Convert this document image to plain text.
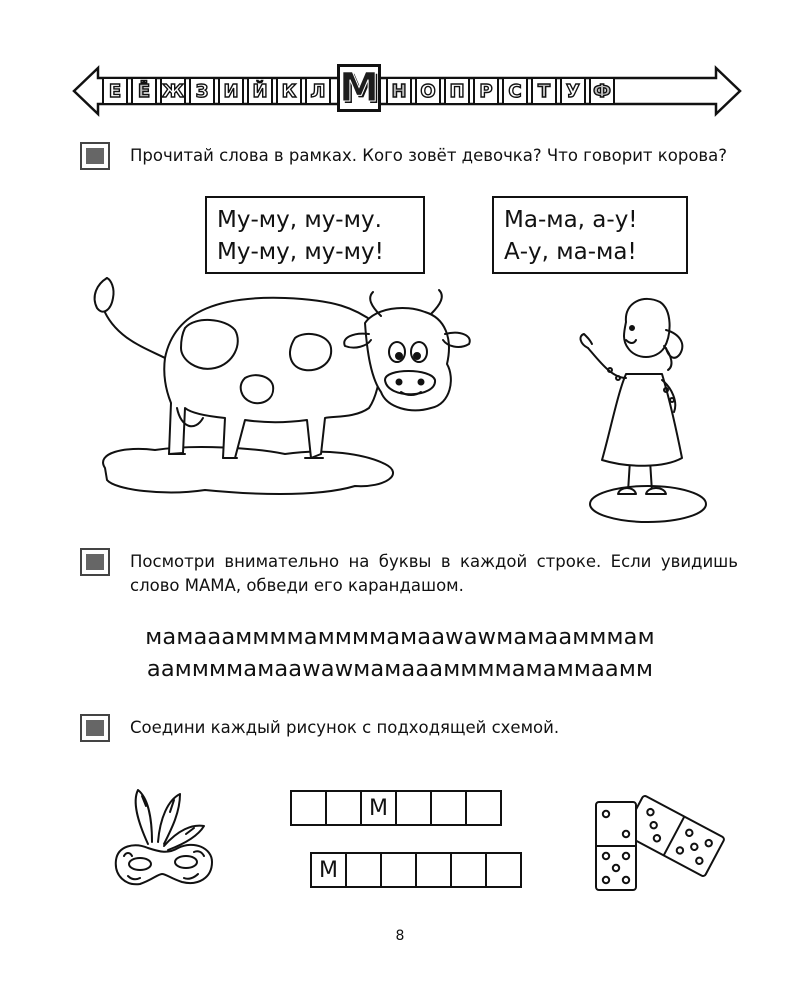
Е Ё Ж З И Й К Л М Н О П Р С Т У Ф
Прочитай слова в рамках. Кого зовёт девочка? Что говорит корова?
Му-му, му-му.
Му-му, му-му!
Ма-ма, а-у!
А-у, ма-ма!
Посмотри внимательно на буквы в каждой строке. Если увидишь слово МАМА, обведи его карандашом.
мамаааммммаммммамааwawмамаамммам
ааммммамааwawмамаааммммамаммаамм
Соедини каждый рисунок с подходящей схемой.
М
М
8
